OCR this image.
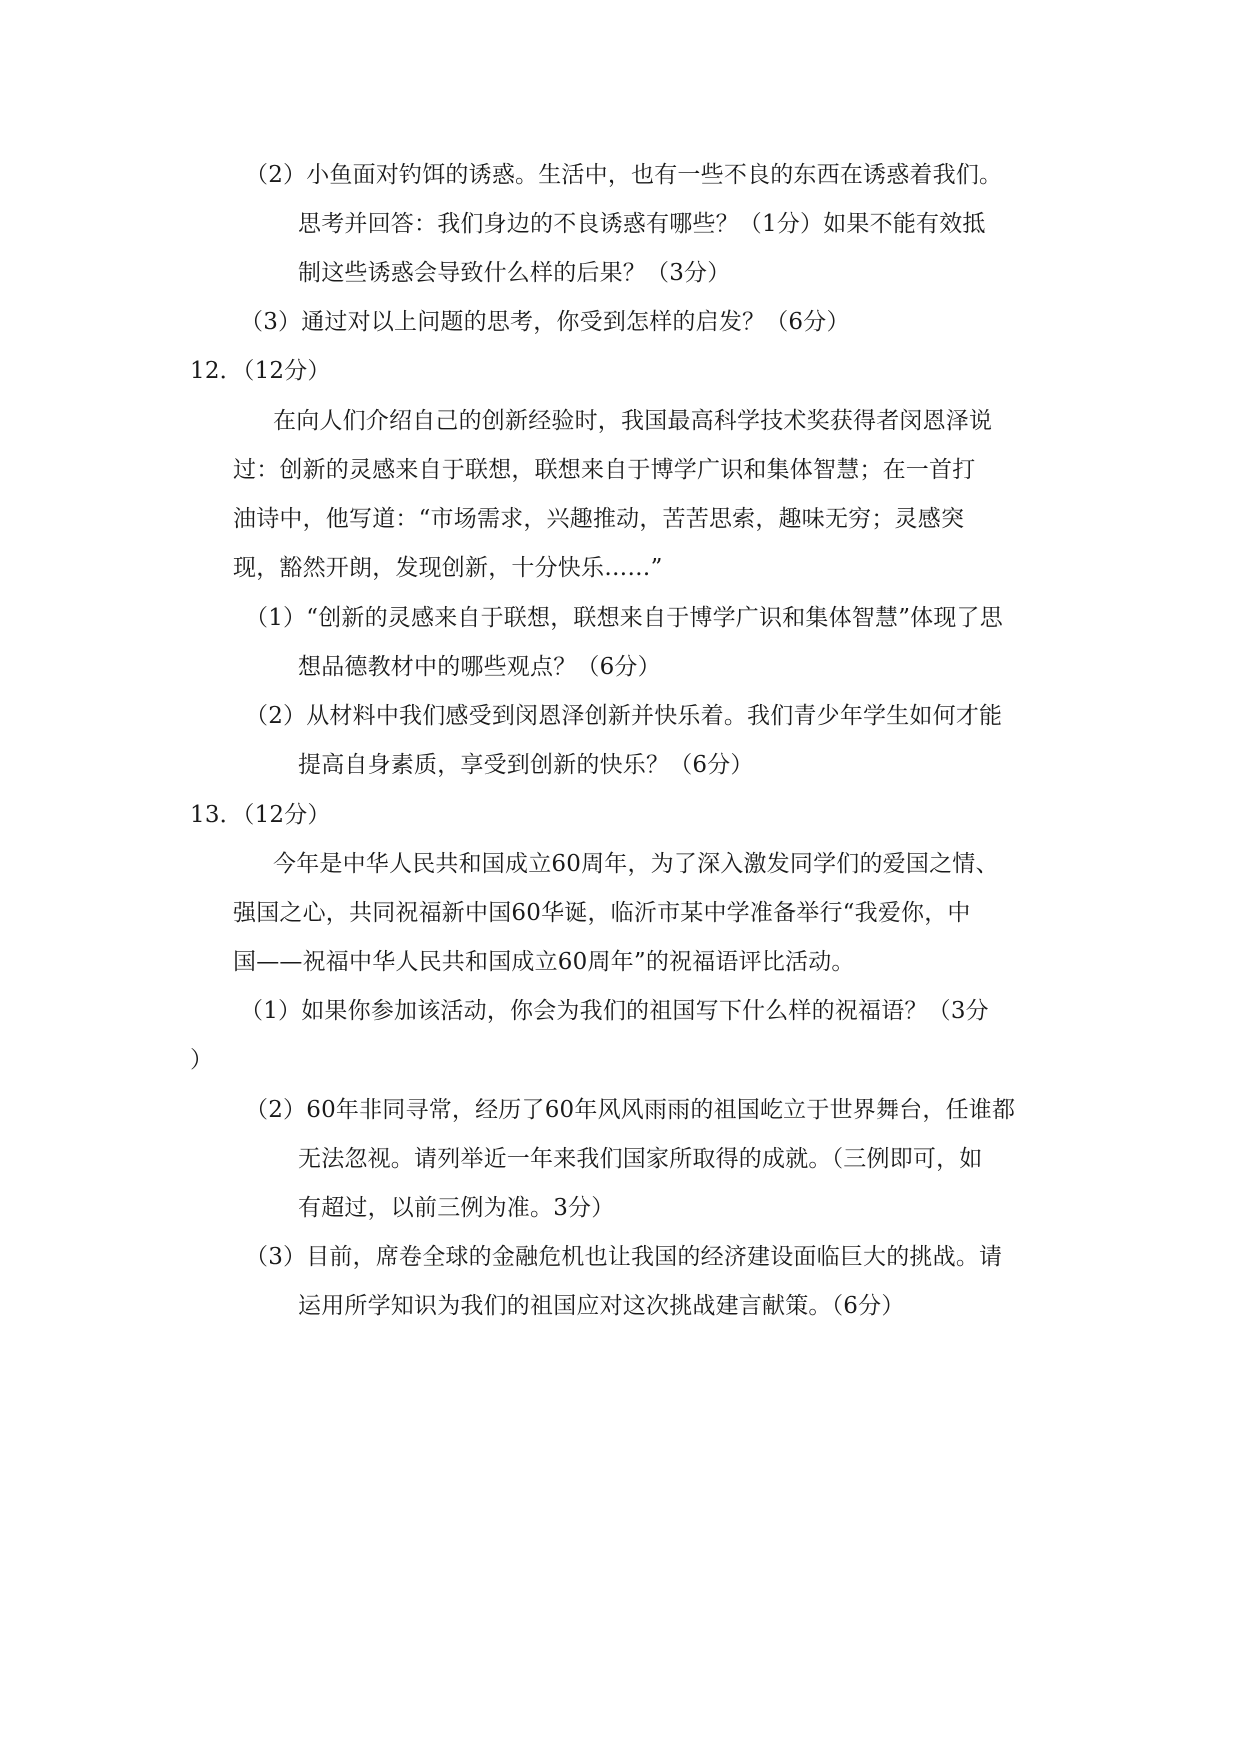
（2）小鱼面对钓饵的诱惑。生活中，也有一些不良的东西在诱惑着我们。
思考并回答：我们身边的不良诱惑有哪些？（1分）如果不能有效抵
制这些诱惑会导致什么样的后果？（3分）
（3）通过对以上问题的思考，你受到怎样的启发？（6分）
12．（12分）
在向人们介绍自己的创新经验时，我国最高科学技术奖获得者闵恩泽说
过：创新的灵感来自于联想，联想来自于博学广识和集体智慧；在一首打
油诗中，他写道：“市场需求，兴趣推动，苦苦思索，趣味无穷；灵感突
现，豁然开朗，发现创新，十分快乐……”
（1）“创新的灵感来自于联想，联想来自于博学广识和集体智慧”体现了思
想品德教材中的哪些观点？（6分）
（2）从材料中我们感受到闵恩泽创新并快乐着。我们青少年学生如何才能
提高自身素质，享受到创新的快乐？（6分）
13．（12分）
今年是中华人民共和国成立60周年，为了深入激发同学们的爱国之情、
强国之心，共同祝福新中国60华诞，临沂市某中学准备举行“我爱你，中
国——祝福中华人民共和国成立60周年”的祝福语评比活动。
（1）如果你参加该活动，你会为我们的祖国写下什么样的祝福语？（3分
）
（2）60年非同寻常，经历了60年风风雨雨的祖国屹立于世界舞台，任谁都
无法忽视。请列举近一年来我们国家所取得的成就。（三例即可，如
有超过，以前三例为准。3分）
（3）目前，席卷全球的金融危机也让我国的经济建设面临巨大的挑战。请
运用所学知识为我们的祖国应对这次挑战建言献策。（6分）
